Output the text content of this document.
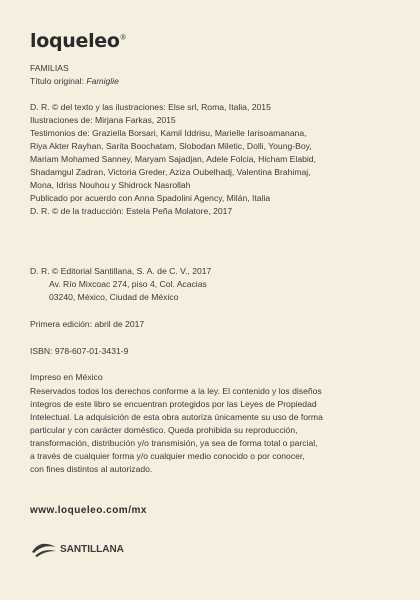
loqueleo®

FAMILIAS

Título original: Famiglie

D. R. © del texto y las ilustraciones: Else srl, Roma, Italia, 2015

Ilustraciones de: Mirjana Farkas, 2015

Testimonios de: Graziella Borsari, Kamil Iddrisu, Marielle Iarisoamanana,

Riya Akter Rayhan, Sarita Boochatam, Slobodan Miletic, Dolli, Young-Boy,

Mariam Mohamed Sanney, Maryam Sajadjan, Adele Folcia, Hicham Elabid,

Shadamgul Zadran, Victoria Greder, Aziza Oubelhadj, Valentina Brahimaj,

Mona, Idriss Nouhou y Shidrock Nasrollah

Publicado por acuerdo con Anna Spadolini Agency, Milán, Italia

D. R. © de la traducción: Estela Peña Molatore, 2017

D. R. © Editorial Santillana, S. A. de C. V., 2017

Av. Río Mixcoac 274, piso 4, Col. Acacias

03240, México, Ciudad de México

Primera edición: abril de 2017

ISBN: 978-607-01-3431-9

Impreso en México

Reservados todos los derechos conforme a la ley. El contenido y los diseños

íntegros de este libro se encuentran protegidos por las Leyes de Propiedad

Intelectual. La adquisición de esta obra autoriza únicamente su uso de forma

particular y con carácter doméstico. Queda prohibida su reproducción,

transformación, distribución y/o transmisión, ya sea de forma total o parcial,

a través de cualquier forma y/o cualquier medio conocido o por conocer,

con fines distintos al autorizado.

www.loqueleo.com/mx
SANTILLANA
